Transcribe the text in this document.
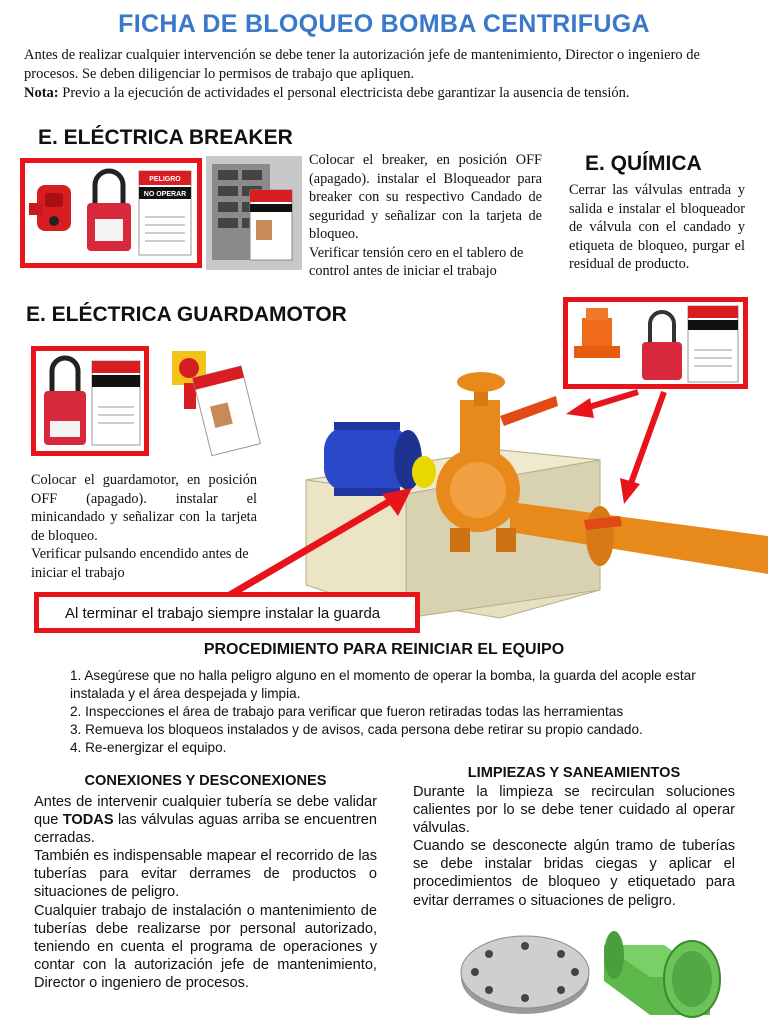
FICHA DE BLOQUEO BOMBA CENTRIFUGA
Antes de realizar cualquier intervención se debe tener la autorización jefe de mantenimiento, Director o ingeniero de procesos. Se deben diligenciar lo permisos de trabajo que apliquen.
Nota: Previo a la ejecución de actividades el personal electricista debe garantizar la ausencia de tensión.
E. ELÉCTRICA BREAKER
PELIGRO
NO OPERAR
Colocar el breaker, en posición OFF (apagado). instalar el Bloqueador para breaker con su respectivo Candado de seguridad y señalizar con la tarjeta de bloqueo.
Verificar tensión cero en el tablero de control antes de iniciar el trabajo
E. QUÍMICA
Cerrar las válvulas entrada y salida e instalar el bloqueador de válvula con el candado y etiqueta de bloqueo, purgar el residual de producto.
E. ELÉCTRICA GUARDAMOTOR
Colocar el guardamotor, en posición OFF (apagado). instalar el minicandado y señalizar con la tarjeta de bloqueo.
Verificar pulsando encendido antes de iniciar el trabajo
Al terminar el trabajo siempre instalar la guarda
PROCEDIMIENTO PARA REINICIAR EL EQUIPO
1. Asegúrese que no halla peligro alguno en el momento de operar la bomba, la guarda del acople estar instalada y el área despejada y limpia.
2. Inspecciones el área de trabajo para verificar que fueron retiradas todas las herramientas
3. Remueva los bloqueos instalados y de avisos, cada persona debe retirar su propio candado.
4. Re-energizar el equipo.
CONEXIONES Y DESCONEXIONES
Antes de intervenir cualquier tubería se debe validar que TODAS las válvulas aguas arriba se encuentren cerradas.
También es indispensable mapear el recorrido de las tuberías para evitar derrames de productos o situaciones de peligro.
Cualquier trabajo de instalación o mantenimiento de tuberías debe realizarse por personal autorizado, teniendo en cuenta el programa de operaciones y contar con la autorización jefe de mantenimiento, Director o ingeniero de procesos.
LIMPIEZAS Y SANEAMIENTOS
Durante la limpieza se recirculan soluciones calientes por lo se debe tener cuidado al operar válvulas.
Cuando se desconecte algún tramo de tuberías se debe instalar bridas ciegas y aplicar el procedimientos de bloqueo y etiquetado para evitar derrames o situaciones de peligro.
